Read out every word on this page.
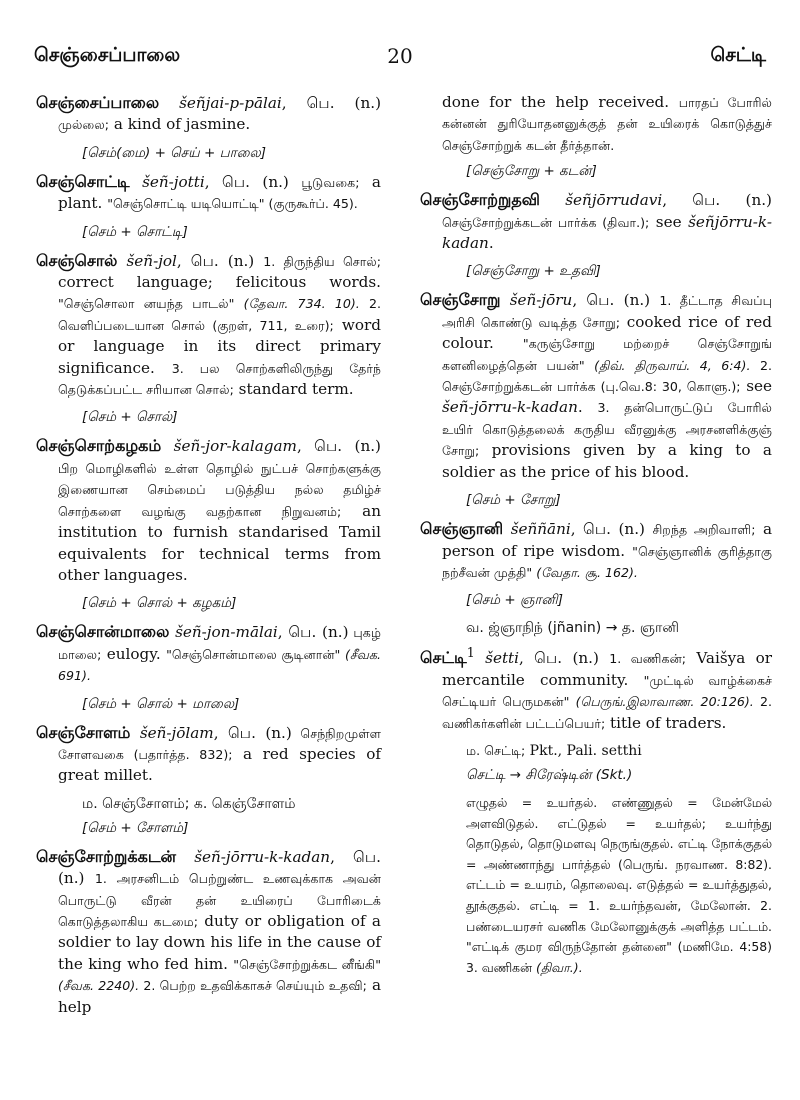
செஞ்சைப்பாலை	20	செட்டி

செஞ்சைப்பாலை šeñjai-p-pālai, பெ. (n.) முல்லை; a kind of jasmine.

[செம்(மை) + செய் + பாலை]

செஞ்சொட்டி šeñ-jotti, பெ. (n.) பூடுவகை; a plant. "செஞ்சொட்டி யடியொட்டி" (குருகூர்ப். 45).

[செம் + சொட்டி]

செஞ்சொல் šeñ-jol, பெ. (n.) 1. திருந்திய சொல்; correct language; felicitous words. "செஞ்சொலா னயந்த பாடல்" (தேவா. 734. 10). 2. வெளிப்படையான சொல் (குறள், 711, உரை); word or language in its direct primary significance. 3. பல சொற்களிலிருந்து தேர்ந் தெடுக்கப்பட்ட சரியான சொல்; standard term.

[செம் + சொல்]

செஞ்சொற்கழகம் šeñ-jor-kalagam, பெ. (n.) பிற மொழிகளில் உள்ள தொழில் நுட்பச் சொற்களுக்கு இணையான செம்மைப் படுத்திய நல்ல தமிழ்ச் சொற்களை வழங்கு வதற்கான நிறுவனம்; an institution to furnish standarised Tamil equivalents for technical terms from other languages.

[செம் + சொல் + கழகம்]

செஞ்சொன்மாலை šeñ-jon-mālai, பெ. (n.) புகழ் மாலை; eulogy. "செஞ்சொன்மாலை சூடினான்" (சீவக. 691).

[செம் + சொல் + மாலை]

செஞ்சோளம் šeñ-jōlam, பெ. (n.) செந்நிறமுள்ள சோளவகை (பதார்த்த. 832); a red species of great millet.

ம. செஞ்சோளம்; க. கெஞ்சோளம்
[செம் + சோளம்]

செஞ்சோற்றுக்கடன் šeñ-jōrru-k-kadan, பெ. (n.) 1. அரசனிடம் பெற்றுண்ட உணவுக்காக அவன் பொருட்டு வீரன் தன் உயிரைப் போரிடைக் கொடுத்தலாகிய கடமை; duty or obligation of a soldier to lay down his life in the cause of the king who fed him. "செஞ்சோற்றுக்கட னீங்கி" (சீவக. 2240). 2. பெற்ற உதவிக்காகச் செய்யும் உதவி; a help

done for the help received. பாரதப் போரில் கன்னன் துரியோதனனுக்குத் தன் உயிரைக் கொடுத்துச் செஞ்சோற்றுக் கடன் தீர்த்தான்.

[செஞ்சோறு + கடன்]

செஞ்சோற்றுதவி šeñjōrrudavi, பெ. (n.) செஞ்சோற்றுக்கடன் பார்க்க (திவா.); see šeñjōrru-k-kadan.

[செஞ்சோறு + உதவி]

செஞ்சோறு šeñ-jōru, பெ. (n.) 1. தீட்டாத சிவப்பு அரிசி கொண்டு வடித்த சோறு; cooked rice of red colour. "கருஞ்சோறு மற்றைச் செஞ்சோறுங் களனிழைத்தென் பயன்" (திவ். திருவாய். 4, 6:4). 2. செஞ்சோற்றுக்கடன் பார்க்க (பு.வெ.8: 30, கொளு.); see šeñ-jōrru-k-kadan. 3. தன்பொருட்டுப் போரில் உயிர் கொடுத்தலைக் கருதிய வீரனுக்கு அரசனளிக்குஞ் சோறு; provisions given by a king to a soldier as the price of his blood.

[செம் + சோறு]

செஞ்ஞானி šeññāni, பெ. (n.) சிறந்த அறிவாளி; a person of ripe wisdom. "செஞ்ஞானிக் குரித்தாகு நற்சீவன் முத்தி" (வேதா. சூ. 162).

[செம் + ஞானி]
வ. ஜ்ஞாநிந் (jñanin) → த. ஞானி

செட்டி$^1$ šetti, பெ. (n.) 1. வணிகன்; Vaišya or mercantile community. "முட்டில் வாழ்க்கைச் செட்டியர் பெருமகன்" (பெருங்.இலாவாண. 20:126). 2. வணிகர்களின் பட்டப்பெயர்; title of traders.

ம. செட்டி; Pkt., Pali. setthi
செட்டி → சிரேஷ்டின் (Skt.)
எழுதல் = உயர்தல். எண்ணுதல் = மேன்மேல் அளவிடுதல். எட்டுதல் = உயர்தல்; உயர்ந்து தொடுதல், தொடுமளவு நெருங்குதல். எட்டி நோக்குதல் = அண்ணாந்து பார்த்தல் (பெருங். நரவாண. 8:82). எட்டம் = உயரம், தொலைவு. எடுத்தல் = உயர்த்துதல், தூக்குதல். எட்டி = 1. உயர்ந்தவன், மேலோன். 2. பண்டையரசர் வணிக மேலோனுக்குக் அளித்த பட்டம். "எட்டிக் குமர விருந்தோன் தன்னை" (மணிமே. 4:58) 3. வணிகன் (திவா.).
